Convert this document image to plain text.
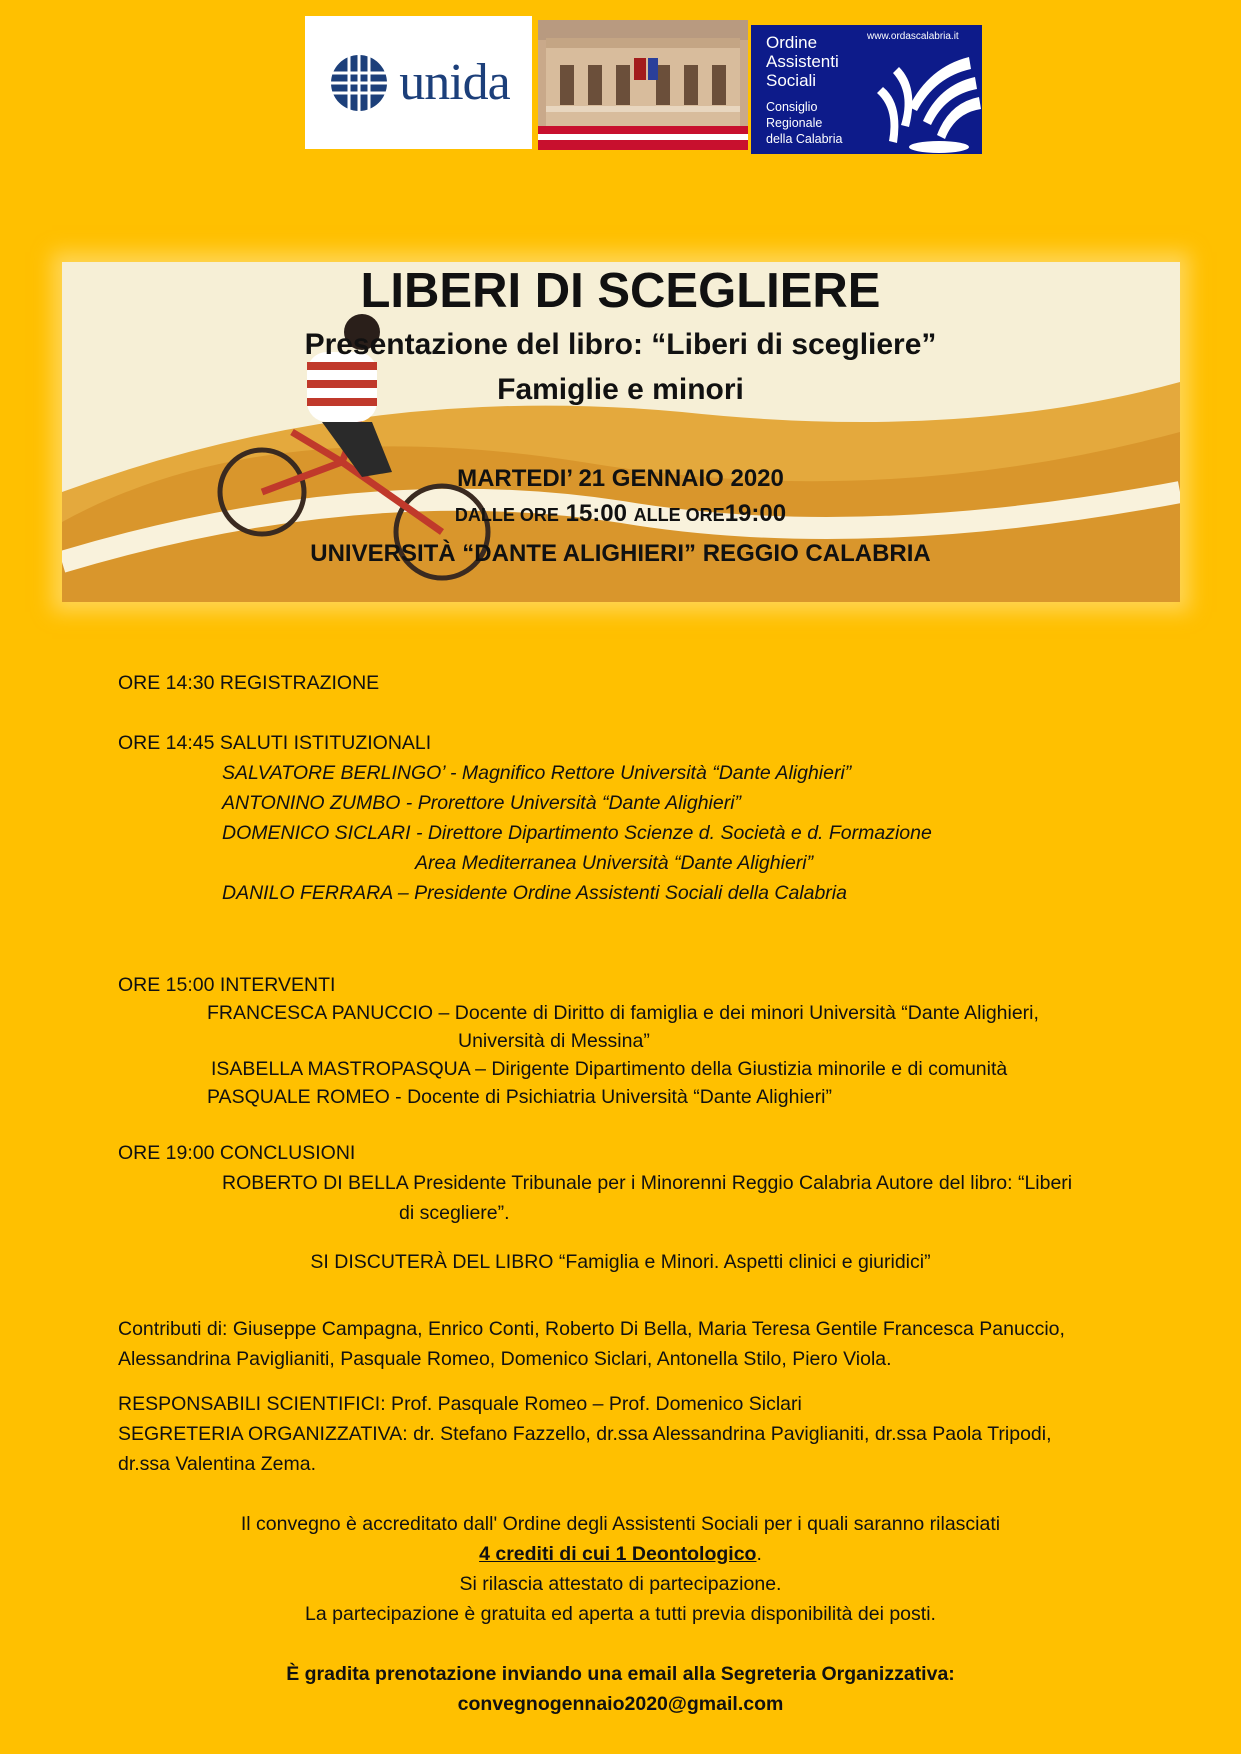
unida
www.ordascalabria.it
Ordine
Assistenti
Sociali
Consiglio
Regionale
della Calabria
LIBERI DI SCEGLIERE
Presentazione del libro: “Liberi di scegliere”
Famiglie e minori
MARTEDI’ 21 GENNAIO 2020
DALLE ORE 15:00 ALLE ORE19:00
UNIVERSITÀ “DANTE ALIGHIERI” REGGIO CALABRIA
ORE 14:30 REGISTRAZIONE
ORE 14:45 SALUTI ISTITUZIONALI
SALVATORE BERLINGO’ - Magnifico Rettore Università “Dante Alighieri”
ANTONINO ZUMBO - Prorettore Università “Dante Alighieri”
DOMENICO SICLARI - Direttore Dipartimento Scienze d. Società e d. Formazione
Area Mediterranea Università “Dante Alighieri”
DANILO FERRARA – Presidente Ordine Assistenti Sociali della Calabria
ORE 15:00 INTERVENTI
FRANCESCA PANUCCIO – Docente di Diritto di famiglia e dei minori Università “Dante Alighieri,
Università di Messina”
ISABELLA MASTROPASQUA – Dirigente Dipartimento della Giustizia minorile e di comunità
PASQUALE ROMEO - Docente di Psichiatria Università “Dante Alighieri”
ORE 19:00 CONCLUSIONI
ROBERTO DI BELLA Presidente Tribunale per i Minorenni Reggio Calabria Autore del libro: “Liberi
di scegliere”.
SI DISCUTERÀ DEL LIBRO “Famiglia e Minori. Aspetti clinici e giuridici”
Contributi di: Giuseppe Campagna, Enrico Conti, Roberto Di Bella, Maria Teresa Gentile Francesca Panuccio,
Alessandrina Paviglianiti, Pasquale Romeo, Domenico Siclari, Antonella Stilo, Piero Viola.
RESPONSABILI SCIENTIFICI: Prof. Pasquale Romeo – Prof. Domenico Siclari
SEGRETERIA ORGANIZZATIVA: dr. Stefano Fazzello, dr.ssa Alessandrina Paviglianiti, dr.ssa Paola Tripodi,
dr.ssa Valentina Zema.
Il convegno è accreditato dall' Ordine degli Assistenti Sociali per i quali saranno rilasciati
4 crediti di cui 1 Deontologico.
Si rilascia attestato di partecipazione.
La partecipazione è gratuita ed aperta a tutti previa disponibilità dei posti.
È gradita prenotazione inviando una email alla Segreteria Organizzativa:
convegnogennaio2020@gmail.com
